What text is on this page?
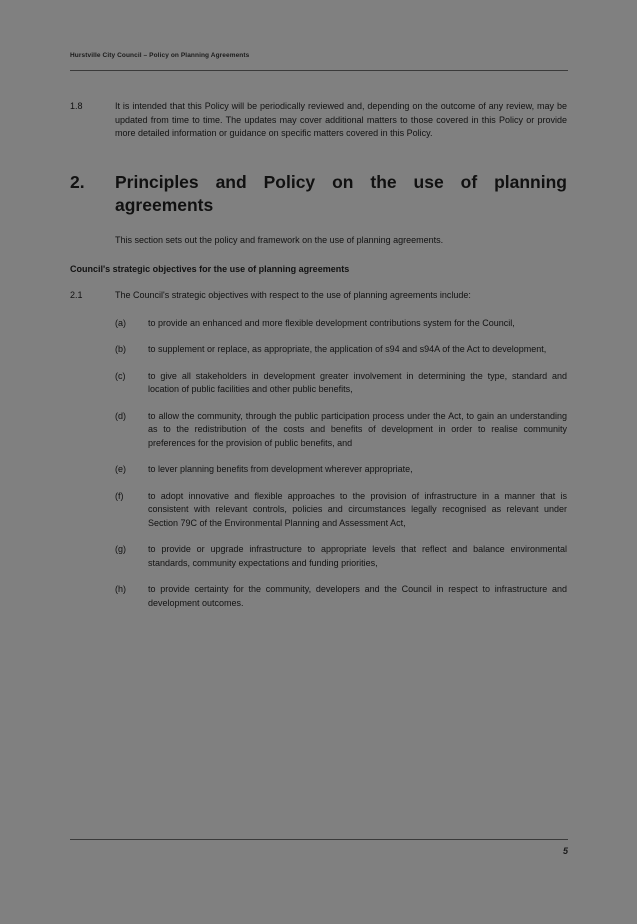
Hurstville City Council – Policy on Planning Agreements
1.8	It is intended that this Policy will be periodically reviewed and, depending on the outcome of any review, may be updated from time to time. The updates may cover additional matters to those covered in this Policy or provide more detailed information or guidance on specific matters covered in this Policy.
2.	Principles and Policy on the use of planning agreements
This section sets out the policy and framework on the use of planning agreements.
Council's strategic objectives for the use of planning agreements
2.1	The Council's strategic objectives with respect to the use of planning agreements include:
(a)	to provide an enhanced and more flexible development contributions system for the Council,
(b)	to supplement or replace, as appropriate, the application of s94 and s94A of the Act to development,
(c)	to give all stakeholders in development greater involvement in determining the type, standard and location of public facilities and other public benefits,
(d)	to allow the community, through the public participation process under the Act, to gain an understanding as to the redistribution of the costs and benefits of development in order to realise community preferences for the provision of public benefits, and
(e)	to lever planning benefits from development wherever appropriate,
(f)	to adopt innovative and flexible approaches to the provision of infrastructure in a manner that is consistent with relevant controls, policies and circumstances legally recognised as relevant under Section 79C of the Environmental Planning and Assessment Act,
(g)	to provide or upgrade infrastructure to appropriate levels that reflect and balance environmental standards, community expectations and funding priorities,
(h)	to provide certainty for the community, developers and the Council in respect to infrastructure and development outcomes.
5
